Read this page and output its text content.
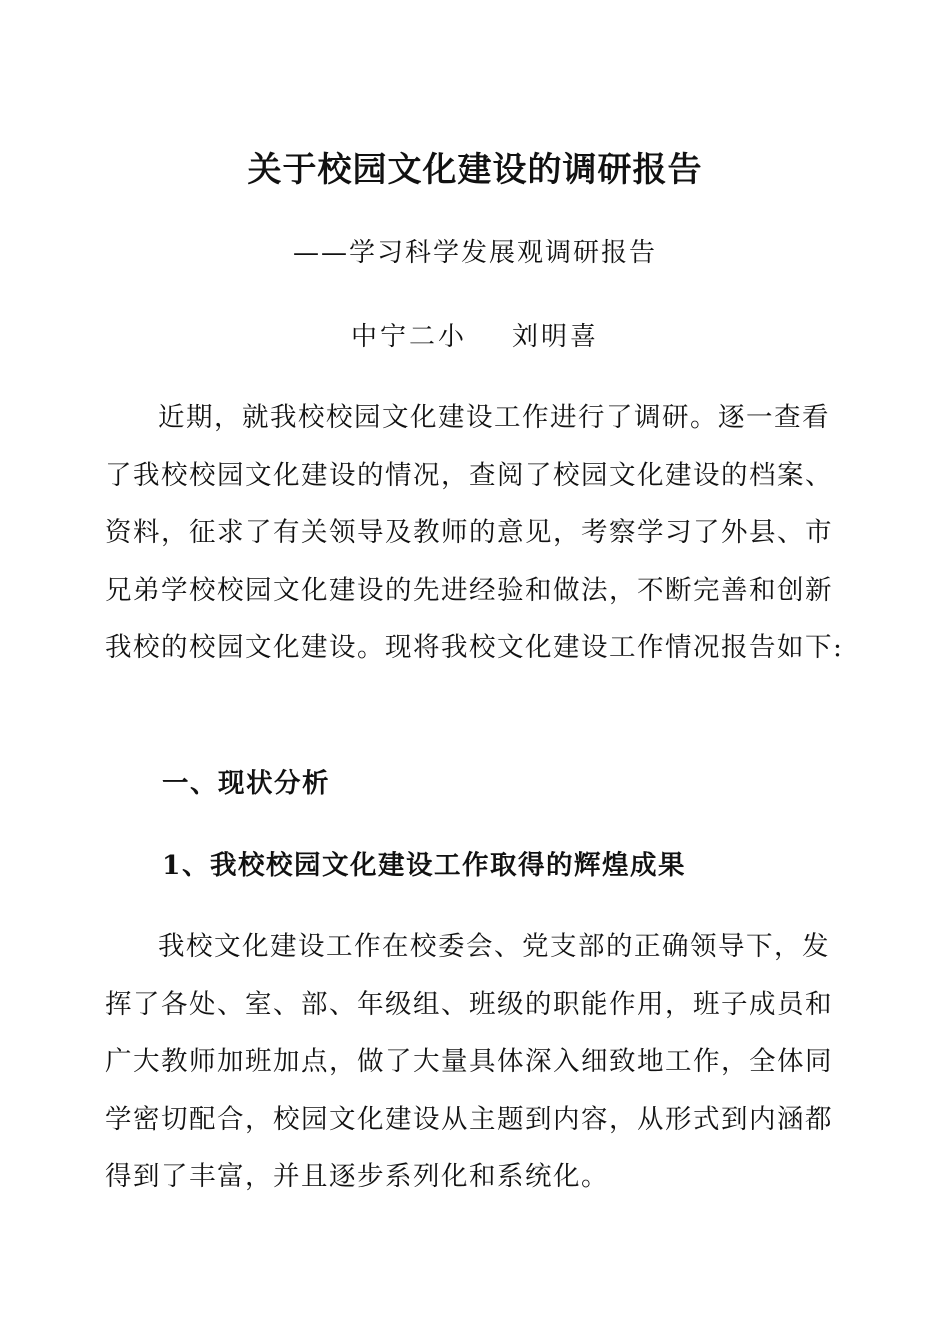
关于校园文化建设的调研报告
——学习科学发展观调研报告
中宁二小    刘明喜

近期，就我校校园文化建设工作进行了调研。逐一查看了我校校园文化建设的情况，查阅了校园文化建设的档案、资料，征求了有关领导及教师的意见，考察学习了外县、市兄弟学校校园文化建设的先进经验和做法，不断完善和创新我校的校园文化建设。现将我校文化建设工作情况报告如下:

一、现状分析
1、我校校园文化建设工作取得的辉煌成果

我校文化建设工作在校委会、党支部的正确领导下，发挥了各处、室、部、年级组、班级的职能作用，班子成员和广大教师加班加点，做了大量具体深入细致地工作，全体同学密切配合，校园文化建设从主题到内容，从形式到内涵都得到了丰富，并且逐步系列化和系统化。
